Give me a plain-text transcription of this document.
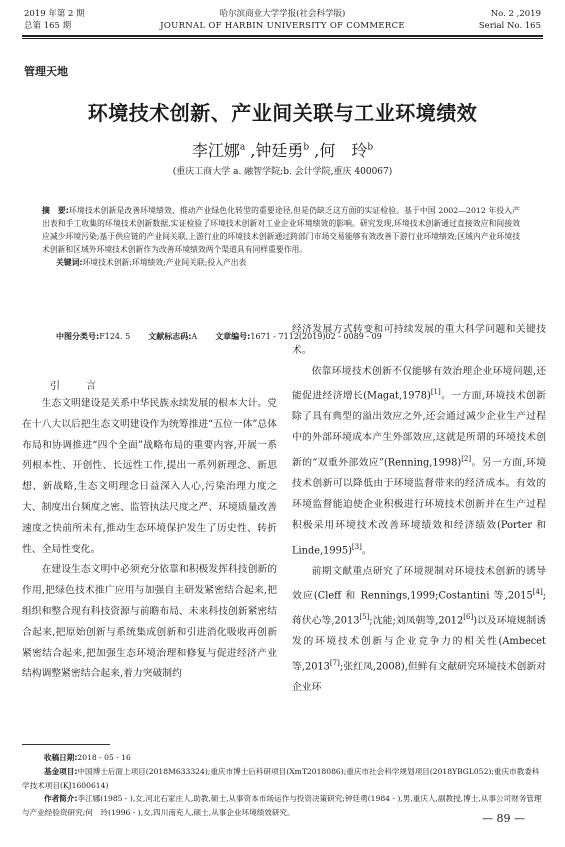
2019 年第 2 期
总第 165 期
哈尔滨商业大学学报(社会科学版)
JOURNAL OF HARBIN UNIVERSITY OF COMMERCE
No. 2 ,2019
Serial No. 165
管理天地
环境技术创新、产业间关联与工业环境绩效
李江娜$^a$ ,钟廷勇$^b$ ,何　玲$^b$
(重庆工商大学 a. 融智学院;b. 会计学院,重庆 400067)
摘　要:环境技术创新是改善环境绩效、推动产业绿色化转型的重要途径,但是仍缺乏这方面的实证检验。基于中国 2002—2012 年投入产出表和手工收集的环境技术创新数据,实证检验了环境技术创新对工业企业环境绩效的影响。研究发现,环境技术创新通过直接效应和间接效应减少环境污染;基于供应链的产业间关联,上游行业的环境技术创新通过跨部门市场交易能够有效改善下游行业环境绩效;区域内产业环境技术创新和区域外环境技术创新作为改善环境绩效两个渠道具有同样重要作用。
关键词:环境技术创新;环境绩效;产业间关联;投入产出表
中图分类号:F124. 5 文献标志码:A 文章编号:1671 - 7112(2019)02 - 0089 - 09
引　言

生态文明建设是关系中华民族永续发展的根本大计。党在十八大以后把生态文明建设作为统筹推进“五位一体”总体布局和协调推进“四个全面”战略布局的重要内容,开展一系列根本性、开创性、长远性工作,提出一系列新理念、新思想、新战略,生态文明理念日益深入人心,污染治理力度之大、制度出台频度之密、监管执法尺度之严、环境质量改善速度之快前所未有,推动生态环境保护发生了历史性、转折性、全局性变化。

在建设生态文明中必须充分依靠和积极发挥科技创新的作用,把绿色技术推广应用与加强自主研发紧密结合起来,把组织和整合现有科技资源与前瞻布局、未来科技创新紧密结合起来,把原始创新与系统集成创新和引进消化吸收再创新紧密结合起来,把加强生态环境治理和修复与促进经济产业结构调整紧密结合起来,着力突破制约

经济发展方式转变和可持续发展的重大科学问题和关键技术。

依靠环境技术创新不仅能够有效治理企业环境问题,还能促进经济增长(Magat,1978)[1]。一方面,环境技术创新除了具有典型的溢出效应之外,还会通过减少企业生产过程中的外部环境成本产生外部效应,这就是所谓的环境技术创新的“双重外部效应”(Renning,1998)[2]。另一方面,环境技术创新可以降低由于环境监督带来的经济成本。有效的环境监督能迫使企业积极进行环境技术创新并在生产过程积极采用环境技术改善环境绩效和经济绩效(Porter 和 Linde,1995)[3]。

前期文献重点研究了环境规制对环境技术创新的诱导效应(Cleff 和 Rennings,1999;Costantini 等,2015[4];蒋伏心等,2013[5];沈能;刘凤朝等,2012[6])以及环境规制诱发的环境技术创新与企业竞争力的相关性(Ambecet 等,2013[7];张红凤,2008),但鲜有文献研究环境技术创新对企业环

收稿日期:2018 - 05 - 16
基金项目:中国博士后面上项目(2018M633324);重庆市博士后科研项目(XmT2018086);重庆市社会科学规划项目(2018YBGL052);重庆市教委科学技术项目(KJ1600614)
作者简介:李江娜(1985 - ),女,河北石家庄人,助教,硕士,从事资本市场运作与投资决策研究;钟廷勇(1984 - ),男,重庆人,副教授,博士,从事公司财务管理与产业经验资研究;何　玲(1996 - ),女,四川南充人,硕士,从事企业环境绩效研究。	— 89 —
